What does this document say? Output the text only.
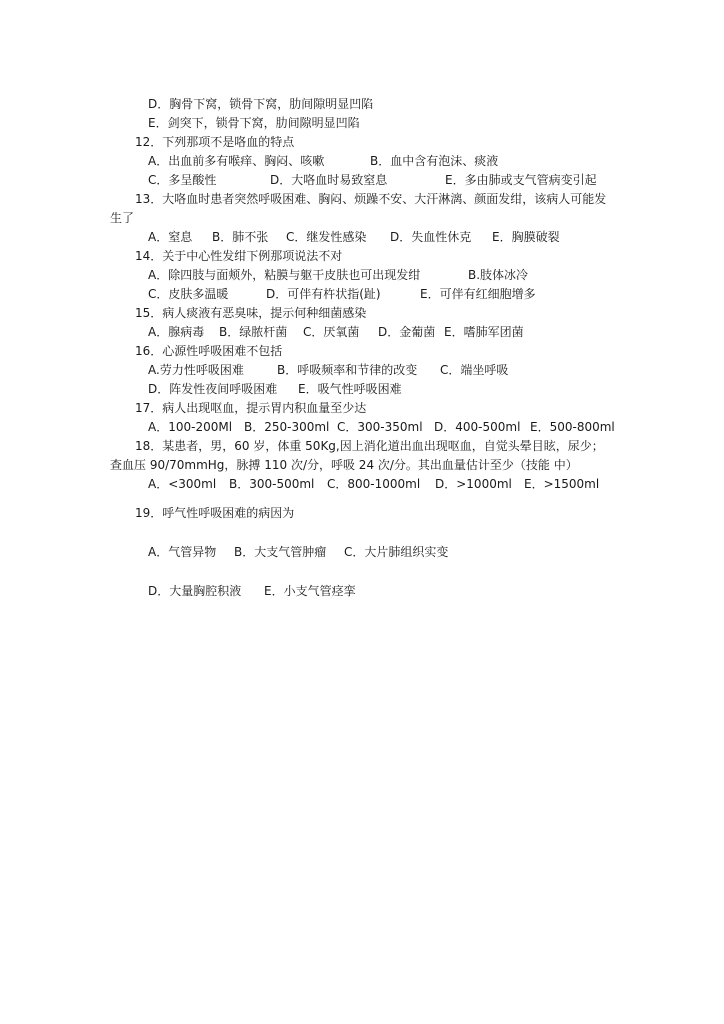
D．胸骨下窝，锁骨下窝，肋间隙明显凹陷
E．剑突下，锁骨下窝，肋间隙明显凹陷
12．下列那项不是咯血的特点
A．出血前多有喉痒、胸闷、咳嗽	B．血中含有泡沫、痰液
C．多呈酸性	D．大咯血时易致窒息	E．多由肺或支气管病变引起
13．大咯血时患者突然呼吸困难、胸闷、烦躁不安、大汗淋漓、颜面发绀，该病人可能发
生了
A．窒息 B．肺不张 C．继发性感染 D．失血性休克 E．胸膜破裂
14．关于中心性发绀下例那项说法不对
A．除四肢与面颊外，粘膜与躯干皮肤也可出现发绀	B.肢体冰冷
C．皮肤多温暖	D．可伴有杵状指(趾)	E．可伴有红细胞增多
15．病人痰液有恶臭味，提示何种细菌感染
A．腺病毒 B．绿脓杆菌 C．厌氧菌 D．金葡菌 E．嗜肺军团菌
16．心源性呼吸困难不包括
A.劳力性呼吸困难	B．呼吸频率和节律的改变 C．端坐呼吸
D．阵发性夜间呼吸困难 E．吸气性呼吸困难
17．病人出现呕血，提示胃内积血量至少达
A．100-200Ml B．250-300ml C．300-350ml D．400-500ml E．500-800ml
18．某患者，男，60 岁，体重 50Kg,因上消化道出血出现呕血，自觉头晕目眩，尿少；
查血压 90/70mmHg，脉搏 110 次/分，呼吸 24 次/分。其出血量估计至少（技能 中）
A．<300ml B．300-500ml C．800-1000ml D．>1000ml E．>1500ml
19．呼气性呼吸困难的病因为
A．气管异物 B．大支气管肿瘤 C．大片肺组织实变
D．大量胸腔积液 E．小支气管痉挛
